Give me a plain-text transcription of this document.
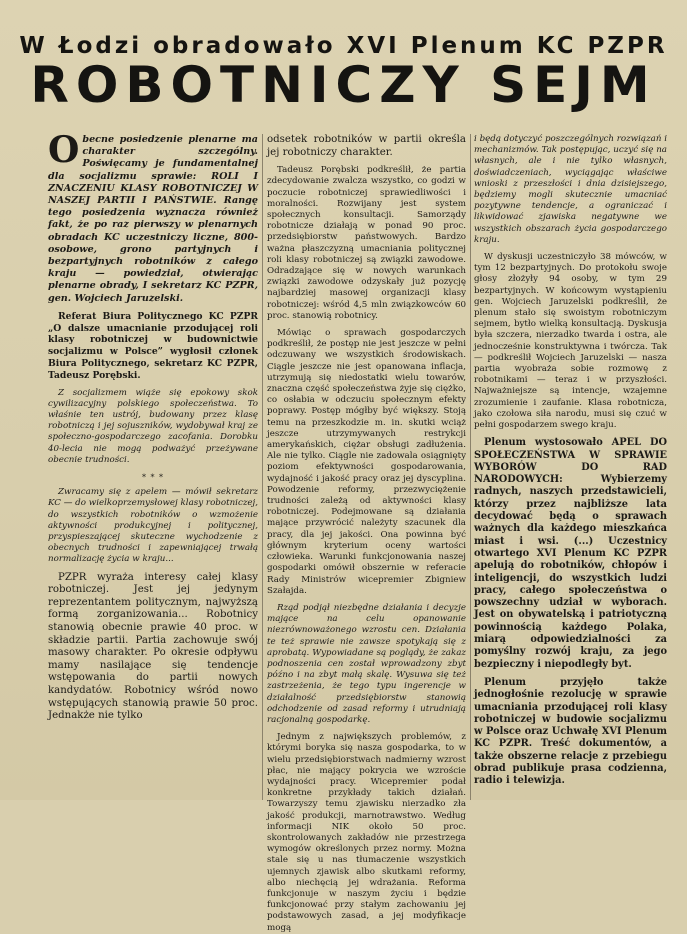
W Łodzi obradowało XVI Plenum KC PZPR
ROBOTNICZY SEJM

Obecne posiedzenie plenarne ma charakter szczególny. Poświęcamy je fundamentalnej dla socjalizmu sprawie: ROLI I ZNACZENIU KLASY ROBOTNICZEJ W NASZEJ PARTII I PAŃSTWIE. Rangę tego posiedzenia wyznacza również fakt, że po raz pierwszy w plenarnych obradach KC uczestniczy liczne, 800-osobowe, grono partyjnych i bezpartyjnych robotników z całego kraju — powiedział, otwierając plenarne obrady, I sekretarz KC PZPR, gen. Wojciech Jaruzelski.

Referat Biura Politycznego KC PZPR „O dalsze umacnianie przodującej roli klasy robotniczej w budownictwie socjalizmu w Polsce” wygłosił członek Biura Politycznego, sekretarz KC PZPR, Tadeusz Porębski.

Z socjalizmem wiąże się epokowy skok cywilizacyjny polskiego społeczeństwa. To właśnie ten ustrój, budowany przez klasę robotniczą i jej sojuszników, wydobywał kraj ze społeczno-gospodarczego zacofania. Dorobku 40-lecia nie mogą podważyć przeżywane obecnie trudności.

* * *

Zwracamy się z apelem — mówił sekretarz KC — do wielkoprzemysłowej klasy robotniczej, do wszystkich robotników o wzmożenie aktywności produkcyjnej i politycznej, przyspieszającej skuteczne wychodzenie z obecnych trudności i zapewniającej trwałą normalizację życia w kraju...

PZPR wyraża interesy całej klasy robotniczej. Jest jej jedynym reprezentantem politycznym, najwyższą formą zorganizowania... Robotnicy stanowią obecnie prawie 40 proc. w składzie partii. Partia zachowuje swój masowy charakter. Po okresie odpływu mamy nasilające się tendencje wstępowania do partii nowych kandydatów. Robotnicy wśród nowo wstępujących stanowią prawie 50 proc. Jednakże nie tylko

odsetek robotników w partii określa jej robotniczy charakter.

Tadeusz Porębski podkreślił, że partia zdecydowanie zwalcza wszystko, co godzi w poczucie robotniczej sprawiedliwości i moralności. Rozwijany jest system społecznych konsultacji. Samorządy robotnicze działają w ponad 90 proc. przedsiębiorstw państwowych. Bardzo ważna płaszczyzną umacniania politycznej roli klasy robotniczej są związki zawodowe. Odradzające się w nowych warunkach związki zawodowe odzyskały już pozycję najbardziej masowej organizacji klasy robotniczej: wśród 4,5 mln związkowców 60 proc. stanowią robotnicy.

Mówiąc o sprawach gospodarczych podkreślił, że postęp nie jest jeszcze w pełni odczuwany we wszystkich środowiskach. Ciągle jeszcze nie jest opanowana inflacja, utrzymują się niedostatki wielu towarów, znaczna część społeczeństwa żyje się ciężko, co osłabia w odczuciu społecznym efekty poprawy. Postęp mógłby być większy. Stoją temu na przeszkodzie m. in. skutki wciąż jeszcze utrzymywanych restrykcji amerykańskich, ciężar obsługi zadłużenia. Ale nie tylko. Ciągle nie zadowala osiągnięty poziom efektywności gospodarowania, wydajność i jakość pracy oraz jej dyscyplina. Powodzenie reformy, przezwyciężenie trudności zależą od aktywności klasy robotniczej. Podejmowane są działania mające przywrócić należyty szacunek dla pracy, dla jej jakości. Ona powinna być głównym kryterium oceny wartości człowieka. Warunki funkcjonowania naszej gospodarki omówił obszernie w referacie Rady Ministrów wicepremier Zbigniew Szałajda.

Rząd podjął niezbędne działania i decyzje mające na celu opanowanie niezrównoważonego wzrostu cen. Działania te też sprawie nie zawsze spotykają się z aprobatą. Wypowiadane są poglądy, że zakaz podnoszenia cen został wprowadzony zbyt późno i na zbyt małą skalę. Wysuwa się też zastrzeżenia, że tego typu ingerencje w działalność przedsiębiorstw stanowią odchodzenie od zasad reformy i utrudniają racjonalną gospodarkę.

Jednym z największych problemów, z którymi boryka się nasza gospodarka, to w wielu przedsiębiorstwach nadmierny wzrost płac, nie mający pokrycia we wzroście wydajności pracy. Wicepremier podał konkretne przykłady takich działań. Towarzyszy temu zjawisku nierzadko zła jakość produkcji, marnotrawstwo. Według informacji NIK około 50 proc. skontrolowanych zakładów nie przestrzega wymogów określonych przez normy. Można stale się u nas tłumaczenie wszystkich ujemnych zjawisk albo skutkami reformy, albo niechęcią jej wdrażania. Reforma funkcjonuje w naszym życiu i będzie funkcjonować przy stałym zachowaniu jej podstawowych zasad, a jej modyfikacje mogą

i będą dotyczyć poszczególnych rozwiązań i mechanizmów. Tak postępując, uczyć się na własnych, ale i nie tylko własnych, doświadczeniach, wyciągając właściwe wnioski z przeszłości i dnia dzisiejszego, będziemy mogli skutecznie umacniać pozytywne tendencje, a ograniczać i likwidować zjawiska negatywne we wszystkich obszarach życia gospodarczego kraju.

W dyskusji uczestniczyło 38 mówców, w tym 12 bezpartyjnych. Do protokołu swoje głosy złożyły 94 osoby, w tym 29 bezpartyjnych. W końcowym wystąpieniu gen. Wojciech Jaruzelski podkreślił, że plenum stało się swoistym robotniczym sejmem, bytło wielką konsultacją. Dyskusja była szczera, nierzadko twarda i ostra, ale jednocześnie konstruktywna i twórcza. Tak — podkreślił Wojciech Jaruzelski — nasza partia wyobraża sobie rozmowę z robotnikami — teraz i w przyszłości. Najważniejsze są intencje, wzajemne zrozumienie i zaufanie. Klasa robotnicza, jako czołowa siła narodu, musi się czuć w pełni gospodarzem swego kraju.

Plenum wystosowało APEL DO SPOŁECZEŃSTWA W SPRAWIE WYBORÓW DO RAD NARODOWYCH: Wybierzemy radnych, naszych przedstawicieli, którzy przez najbliższe lata decydować będą o sprawach ważnych dla każdego mieszkańca miast i wsi. (...) Uczestnicy otwartego XVI Plenum KC PZPR apelują do robotników, chłopów i inteligencji, do wszystkich ludzi pracy, całego społeczeństwa o powszechny udział w wyborach. Jest on obywatelską i patriotyczną powinnością każdego Polaka, miarą odpowiedzialności za pomyślny rozwój kraju, za jego bezpieczny i niepodległy byt.

Plenum przyjęło także jednogłośnie rezolucję w sprawie umacniania przodującej roli klasy robotniczej w budowie socjalizmu w Polsce oraz Uchwałę XVI Plenum KC PZPR. Treść dokumentów, a także obszerne relacje z przebiegu obrad publikuje prasa codzienna, radio i telewizja.
